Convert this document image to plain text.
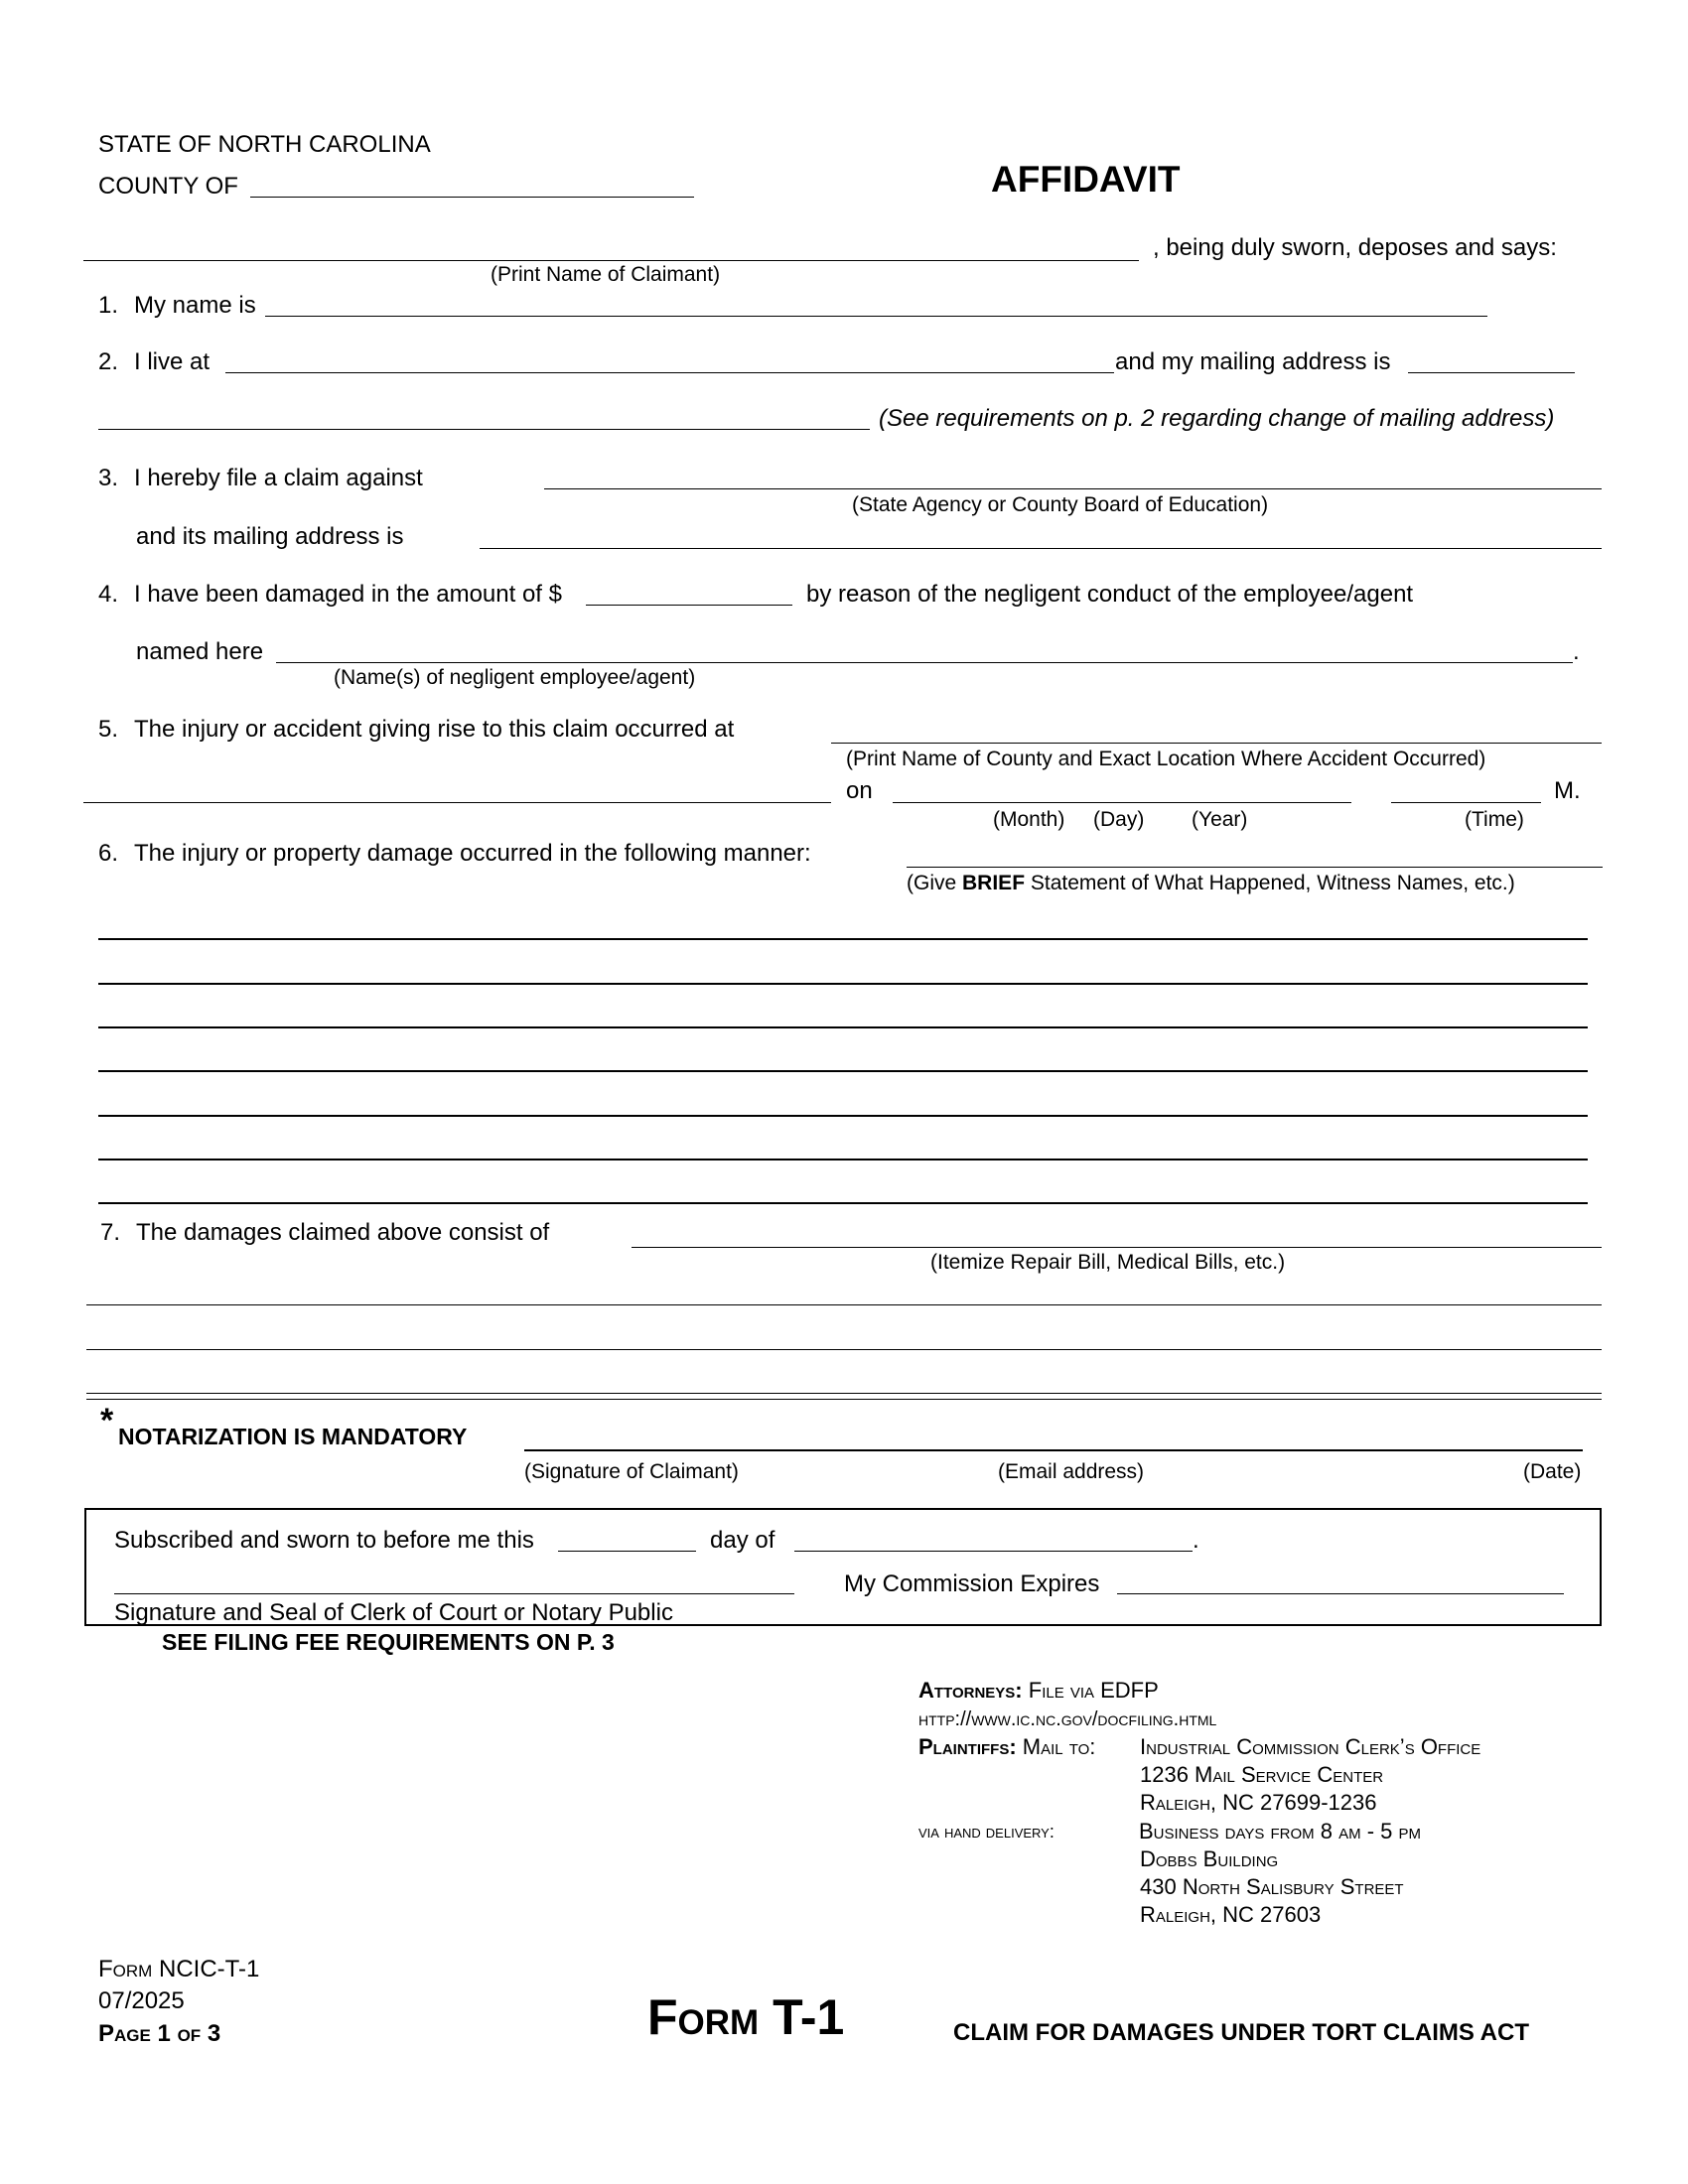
STATE OF NORTH CAROLINA
COUNTY OF	AFFIDAVIT
, being duly sworn, deposes and says:
(Print Name of Claimant)
1. My name is
2. I live at	and my mailing address is
(See requirements on p. 2 regarding change of mailing address)
3. I hereby file a claim against
(State Agency or County Board of Education)
and its mailing address is
4. I have been damaged in the amount of $	by reason of the negligent conduct of the employee/agent
named here	.
(Name(s) of negligent employee/agent)
5. The injury or accident giving rise to this claim occurred at
(Print Name of County and Exact Location Where Accident Occurred)
on	M.
(Month) (Day) (Year)	(Time)
6. The injury or property damage occurred in the following manner:
(Give BRIEF Statement of What Happened, Witness Names, etc.)
7. The damages claimed above consist of
(Itemize Repair Bill, Medical Bills, etc.)
* NOTARIZATION IS MANDATORY
(Signature of Claimant)	(Email address)	(Date)
Subscribed and sworn to before me this	day of	.
My Commission Expires
Signature and Seal of Clerk of Court or Notary Public
SEE FILING FEE REQUIREMENTS ON P. 3
Attorneys: File via EDFP
http://www.ic.nc.gov/docfiling.html
Plaintiffs: Mail to: Industrial Commission Clerk’s Office
1236 Mail Service Center
Raleigh, NC 27699-1236
via hand delivery:	Business days from 8 am - 5 pm
Dobbs Building
430 North Salisbury Street
Raleigh, NC 27603
Form NCIC-T-1
07/2025
Page 1 of 3	Form T-1	CLAIM FOR DAMAGES UNDER TORT CLAIMS ACT
